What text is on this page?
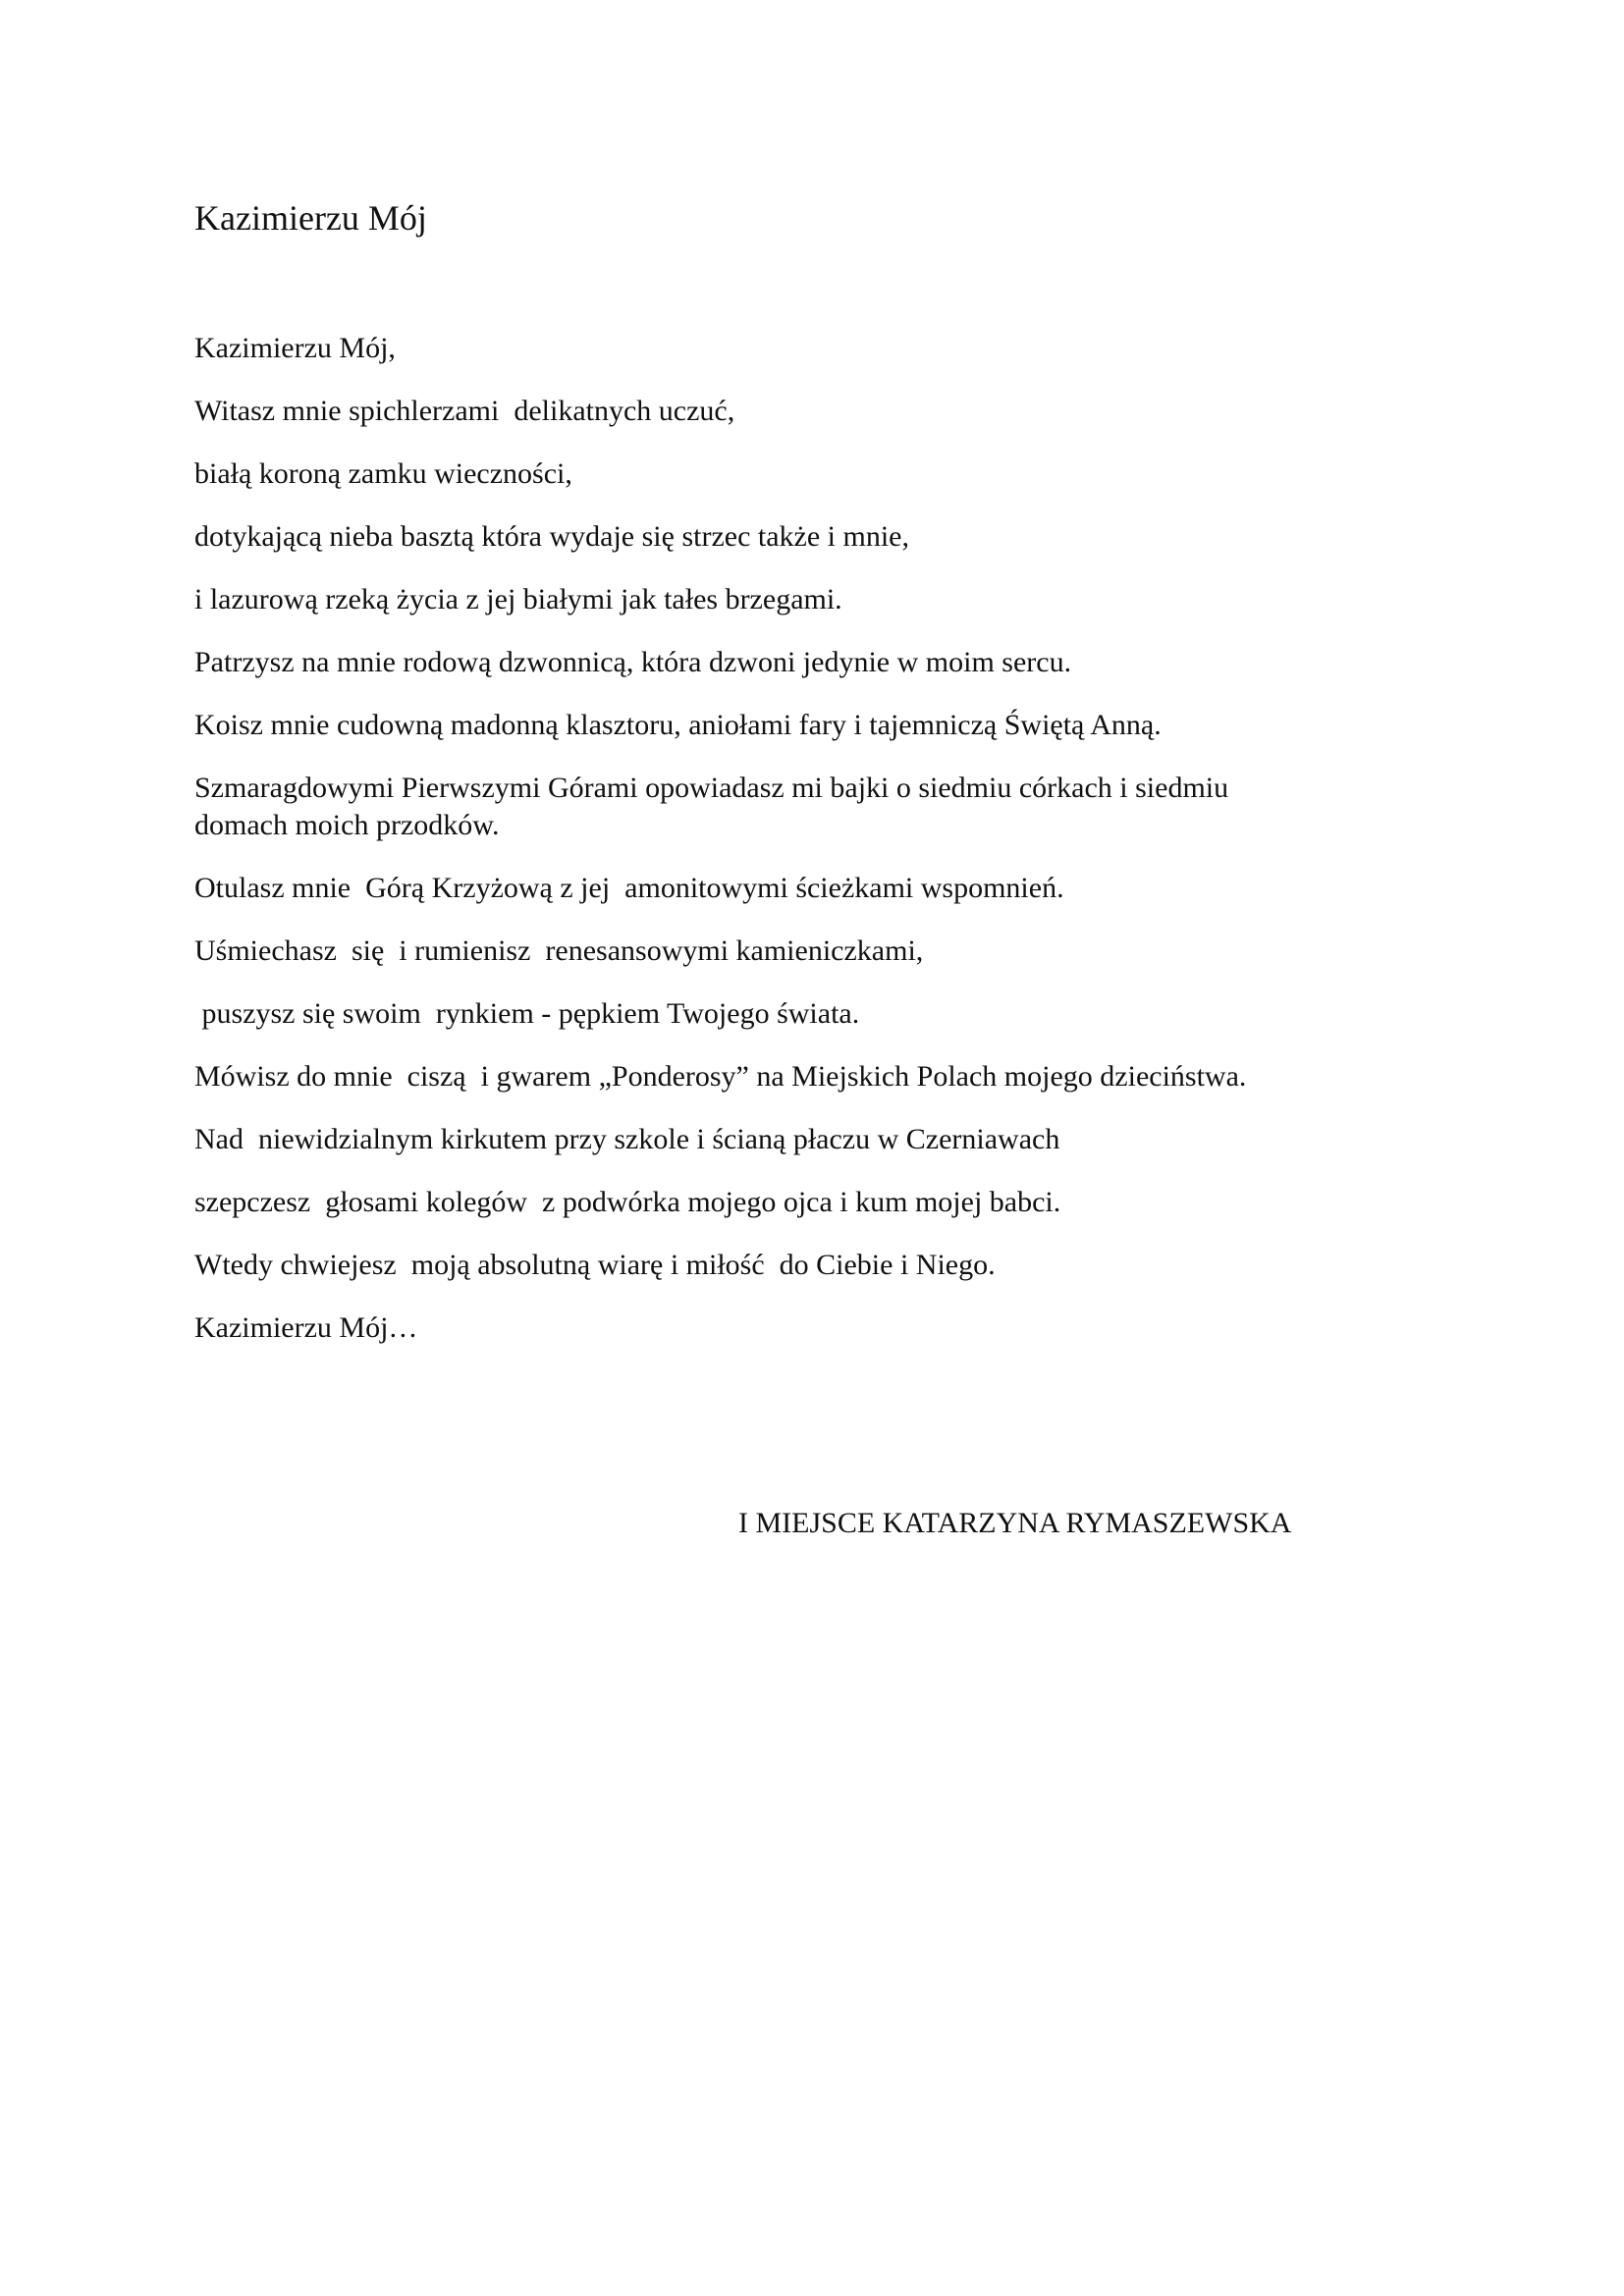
Kazimierzu Mój

Kazimierzu Mój,

Witasz mnie spichlerzami  delikatnych uczuć,

białą koroną zamku wieczności,

dotykającą nieba basztą która wydaje się strzec także i mnie,

i lazurową rzeką życia z jej białymi jak tałes brzegami.

Patrzysz na mnie rodową dzwonnicą, która dzwoni jedynie w moim sercu.

Koisz mnie cudowną madonną klasztoru, aniołami fary i tajemniczą Świętą Anną.

Szmaragdowymi Pierwszymi Górami opowiadasz mi bajki o siedmiu córkach i siedmiu

domach moich przodków.

Otulasz mnie  Górą Krzyżową z jej  amonitowymi ścieżkami wspomnień.

Uśmiechasz  się  i rumienisz  renesansowymi kamieniczkami,

puszysz się swoim  rynkiem - pępkiem Twojego świata.

Mówisz do mnie  ciszą  i gwarem „Ponderosy” na Miejskich Polach mojego dzieciństwa.

Nad  niewidzialnym kirkutem przy szkole i ścianą płaczu w Czerniawach

szepczesz  głosami kolegów  z podwórka mojego ojca i kum mojej babci.

Wtedy chwiejesz  moją absolutną wiarę i miłość  do Ciebie i Niego.

Kazimierzu Mój…

I MIEJSCE KATARZYNA RYMASZEWSKA
